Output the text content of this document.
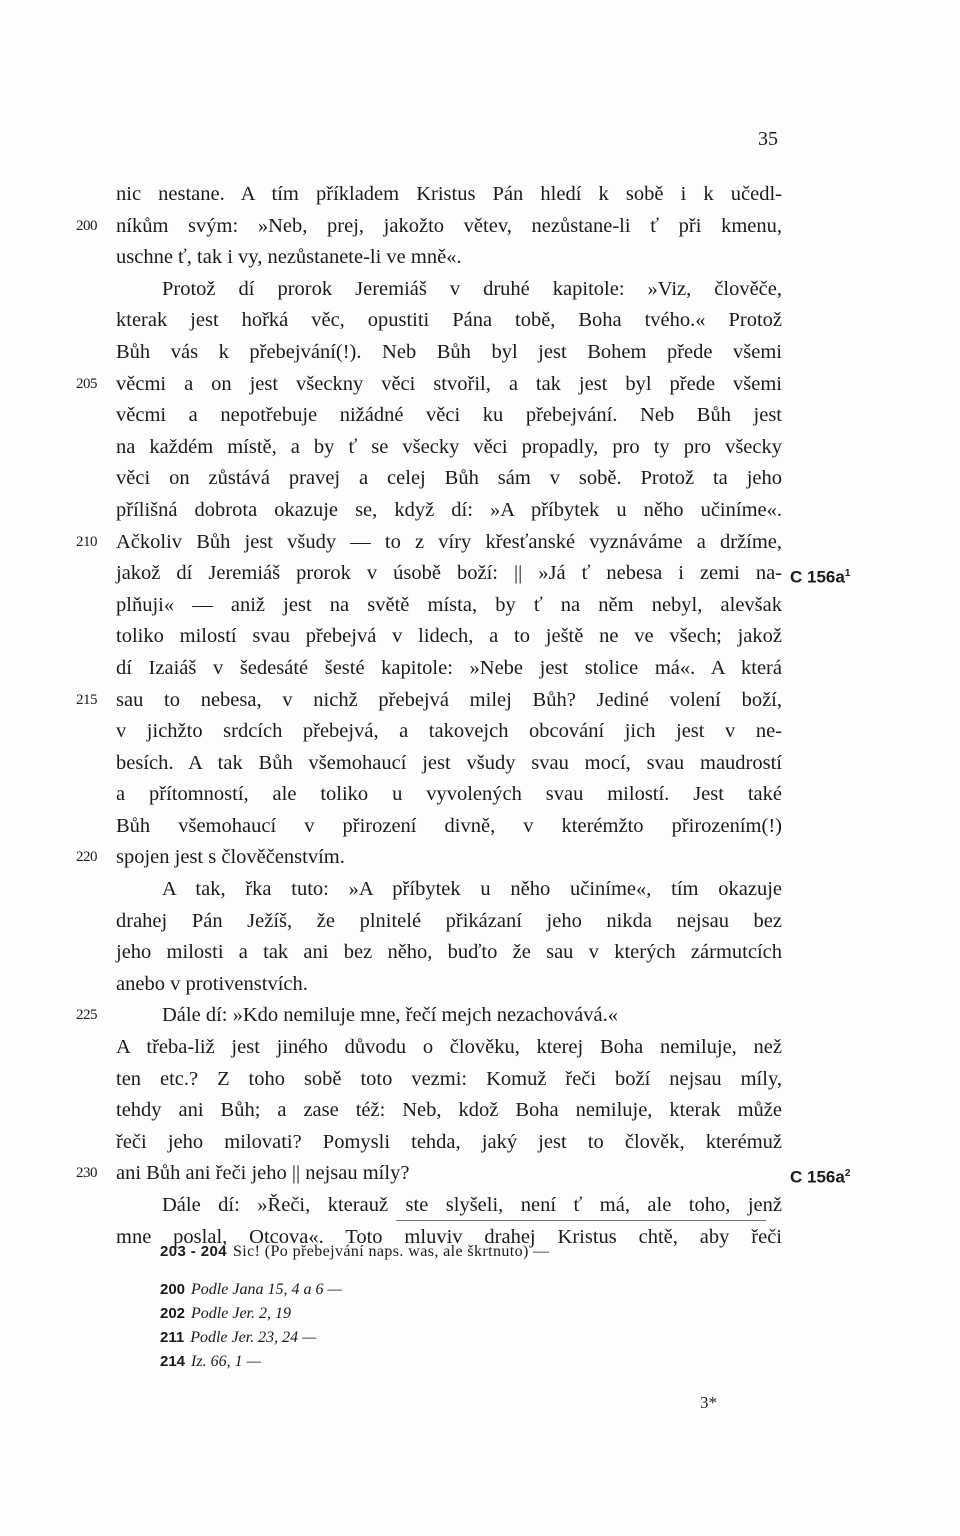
35
nic nestane. A tím příkladem Kristus Pán hledí k sobě i k učedl-
200 níkům svým: »Neb, prej, jakožto větev, nezůstane-li ť při kmenu,
uschne ť, tak i vy, nezůstanete-li ve mně«.
Protož dí prorok Jeremiáš v druhé kapitole: »Viz, člověče,
kterak jest hořká věc, opustiti Pána tobě, Boha tvého.« Protož
Bůh vás k přebejvání(!). Neb Bůh byl jest Bohem přede všemi
205 věcmi a on jest všeckny věci stvořil, a tak jest byl přede všemi
věcmi a nepotřebuje nižádné věci ku přebejvání. Neb Bůh jest
na každém místě, a by ť se všecky věci propadly, pro ty pro všecky
věci on zůstává pravej a celej Bůh sám v sobě. Protož ta jeho
přílišná dobrota okazuje se, když dí: »A příbytek u něho učiníme«.
210 Ačkoliv Bůh jest všudy — to z víry křesťanské vyznáváme a držíme,
jakož dí Jeremiáš prorok v úsobě boží: || »Já ť nebesa i zemi na- C $156a^1$
plňuji« — aniž jest na světě místa, by ť na něm nebyl, alevšak
toliko milostí svau přebejvá v lidech, a to ještě ne ve všech; jakož
dí Izaiáš v šedesáté šesté kapitole: »Nebe jest stolice má«. A která
215 sau to nebesa, v nichž přebejvá milej Bůh? Jediné volení boží,
v jichžto srdcích přebejvá, a takovejch obcování jich jest v ne-
besích. A tak Bůh všemohaucí jest všudy svau mocí, svau maudrostí
a přítomností, ale toliko u vyvolených svau milostí. Jest také
Bůh všemohaucí v přirození divně, v kterémžto přirozením(!)
220 spojen jest s člověčenstvím.
A tak, řka tuto: »A příbytek u něho učiníme«, tím okazuje
drahej Pán Ježíš, že plnitelé přikázaní jeho nikda nejsau bez
jeho milosti a tak ani bez něho, buďto že sau v kterých zármutcích
anebo v protivenstvích.
225	Dále dí: »Kdo nemiluje mne, řečí mejch nezachovává.«
A třeba-liž jest jiného důvodu o člověku, kterej Boha nemiluje, než
ten etc.? Z toho sobě toto vezmi: Komuž řeči boží nejsau míly,
tehdy ani Bůh; a zase též: Neb, kdož Boha nemiluje, kterak může
řeči jeho milovati? Pomysli tehda, jaký jest to člověk, kterémuž
230 ani Bůh ani řeči jeho || nejsau míly?	C $156a^2$
Dále dí: »Řeči, kterauž ste slyšeli, není ť má, ale toho, jenž
mne poslal, Otcova«. Toto mluviv drahej Kristus chtě, aby řeči
203 - 204 Sic! (Po přebejvání naps. was, ale škrtnuto) —
200 Podle Jana 15, 4 a 6 —
202 Podle Jer. 2, 19
211 Podle Jer. 23, 24 —
214 Iz. 66, 1 —
3*
